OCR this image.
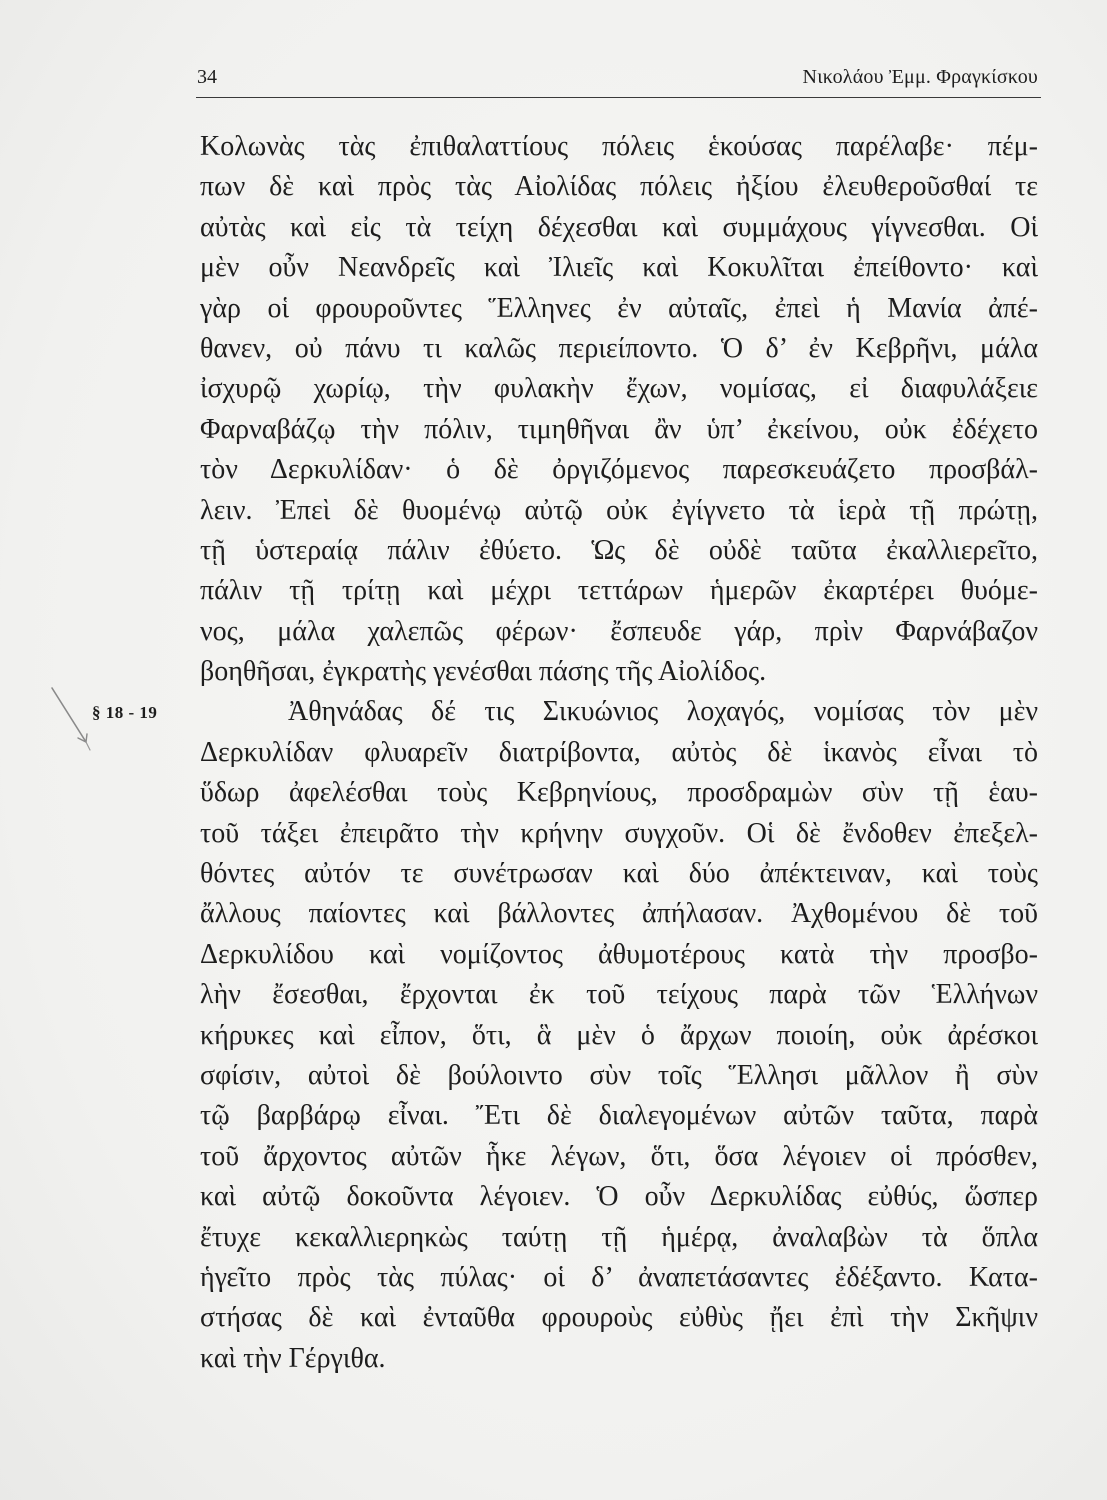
34	Νικολάου Ἐμμ. Φραγκίσκου
§ 18 - 19
Κολωνὰς τὰς ἐπιθαλαττίους πόλεις ἑκούσας παρέλαβε· πέμ-
πων δὲ καὶ πρὸς τὰς Αἰολίδας πόλεις ἠξίου ἐλευθεροῦσθαί τε
αὐτὰς καὶ εἰς τὰ τείχη δέχεσθαι καὶ συμμάχους γίγνεσθαι. Οἱ
μὲν οὖν Νεανδρεῖς καὶ Ἰλιεῖς καὶ Κοκυλῖται ἐπείθοντο· καὶ
γὰρ οἱ φρουροῦντες Ἕλληνες ἐν αὐταῖς, ἐπεὶ ἡ Μανία ἀπέ-
θανεν, οὐ πάνυ τι καλῶς περιείποντο. Ὁ δ’ ἐν Κεβρῆνι, μάλα
ἰσχυρῷ χωρίῳ, τὴν φυλακὴν ἔχων, νομίσας, εἰ διαφυλάξειε
Φαρναβάζῳ τὴν πόλιν, τιμηθῆναι ἂν ὑπ’ ἐκείνου, οὐκ ἐδέχετο
τὸν Δερκυλίδαν· ὁ δὲ ὀργιζόμενος παρεσκευάζετο προσβάλ-
λειν. Ἐπεὶ δὲ θυομένῳ αὐτῷ οὐκ ἐγίγνετο τὰ ἱερὰ τῇ πρώτῃ,
τῇ ὑστεραίᾳ πάλιν ἐθύετο. Ὡς δὲ οὐδὲ ταῦτα ἐκαλλιερεῖτο,
πάλιν τῇ τρίτῃ καὶ μέχρι τεττάρων ἡμερῶν ἐκαρτέρει θυόμε-
νος, μάλα χαλεπῶς φέρων· ἔσπευδε γάρ, πρὶν Φαρνάβαζον
βοηθῆσαι, ἐγκρατὴς γενέσθαι πάσης τῆς Αἰολίδος.
Ἀθηνάδας δέ τις Σικυώνιος λοχαγός, νομίσας τὸν μὲν
Δερκυλίδαν φλυαρεῖν διατρίβοντα, αὐτὸς δὲ ἱκανὸς εἶναι τὸ
ὕδωρ ἀφελέσθαι τοὺς Κεβρηνίους, προσδραμὼν σὺν τῇ ἑαυ-
τοῦ τάξει ἐπειρᾶτο τὴν κρήνην συγχοῦν. Οἱ δὲ ἔνδοθεν ἐπεξελ-
θόντες αὐτόν τε συνέτρωσαν καὶ δύο ἀπέκτειναν, καὶ τοὺς
ἄλλους παίοντες καὶ βάλλοντες ἀπήλασαν. Ἀχθομένου δὲ τοῦ
Δερκυλίδου καὶ νομίζοντος ἀθυμοτέρους κατὰ τὴν προσβο-
λὴν ἔσεσθαι, ἔρχονται ἐκ τοῦ τείχους παρὰ τῶν Ἑλλήνων
κήρυκες καὶ εἶπον, ὅτι, ἃ μὲν ὁ ἄρχων ποιοίη, οὐκ ἀρέσκοι
σφίσιν, αὐτοὶ δὲ βούλοιντο σὺν τοῖς Ἕλλησι μᾶλλον ἢ σὺν
τῷ βαρβάρῳ εἶναι. Ἔτι δὲ διαλεγομένων αὐτῶν ταῦτα, παρὰ
τοῦ ἄρχοντος αὐτῶν ἧκε λέγων, ὅτι, ὅσα λέγοιεν οἱ πρόσθεν,
καὶ αὐτῷ δοκοῦντα λέγοιεν. Ὁ οὖν Δερκυλίδας εὐθύς, ὥσπερ
ἔτυχε κεκαλλιερηκὼς ταύτῃ τῇ ἡμέρᾳ, ἀναλαβὼν τὰ ὅπλα
ἡγεῖτο πρὸς τὰς πύλας· οἱ δ’ ἀναπετάσαντες ἐδέξαντο. Κατα-
στήσας δὲ καὶ ἐνταῦθα φρουροὺς εὐθὺς ᾔει ἐπὶ τὴν Σκῆψιν
καὶ τὴν Γέργιθα.
